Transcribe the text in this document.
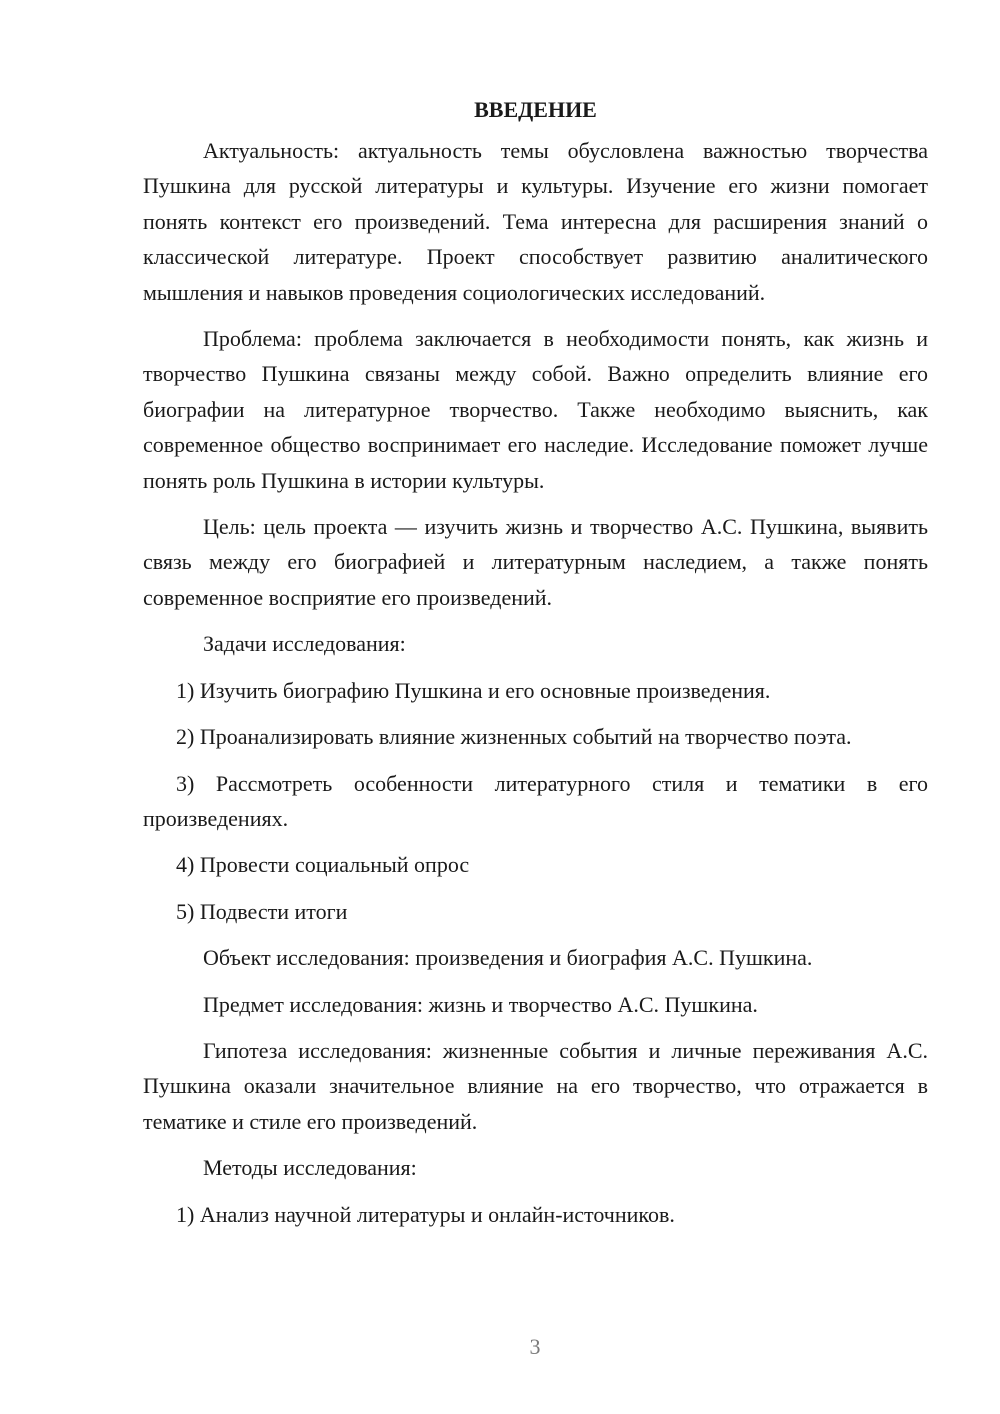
ВВЕДЕНИЕ

Актуальность: актуальность темы обусловлена важностью творчества Пушкина для русской литературы и культуры. Изучение его жизни помогает понять контекст его произведений. Тема интересна для расширения знаний о классической литературе. Проект способствует развитию аналитического мышления и навыков проведения социологических исследований.

Проблема: проблема заключается в необходимости понять, как жизнь и творчество Пушкина связаны между собой. Важно определить влияние его биографии на литературное творчество. Также необходимо выяснить, как современное общество воспринимает его наследие. Исследование поможет лучше понять роль Пушкина в истории культуры.

Цель: цель проекта — изучить жизнь и творчество А.С. Пушкина, выявить связь между его биографией и литературным наследием, а также понять современное восприятие его произведений.

Задачи исследования:

1) Изучить биографию Пушкина и его основные произведения.

2) Проанализировать влияние жизненных событий на творчество поэта.

3) Рассмотреть особенности литературного стиля и тематики в его произведениях.

4) Провести социальный опрос

5) Подвести итоги

Объект исследования: произведения и биография А.С. Пушкина.

Предмет исследования: жизнь и творчество А.С. Пушкина.

Гипотеза исследования: жизненные события и личные переживания А.С. Пушкина оказали значительное влияние на его творчество, что отражается в тематике и стиле его произведений.

Методы исследования:

1) Анализ научной литературы и онлайн-источников.

3
